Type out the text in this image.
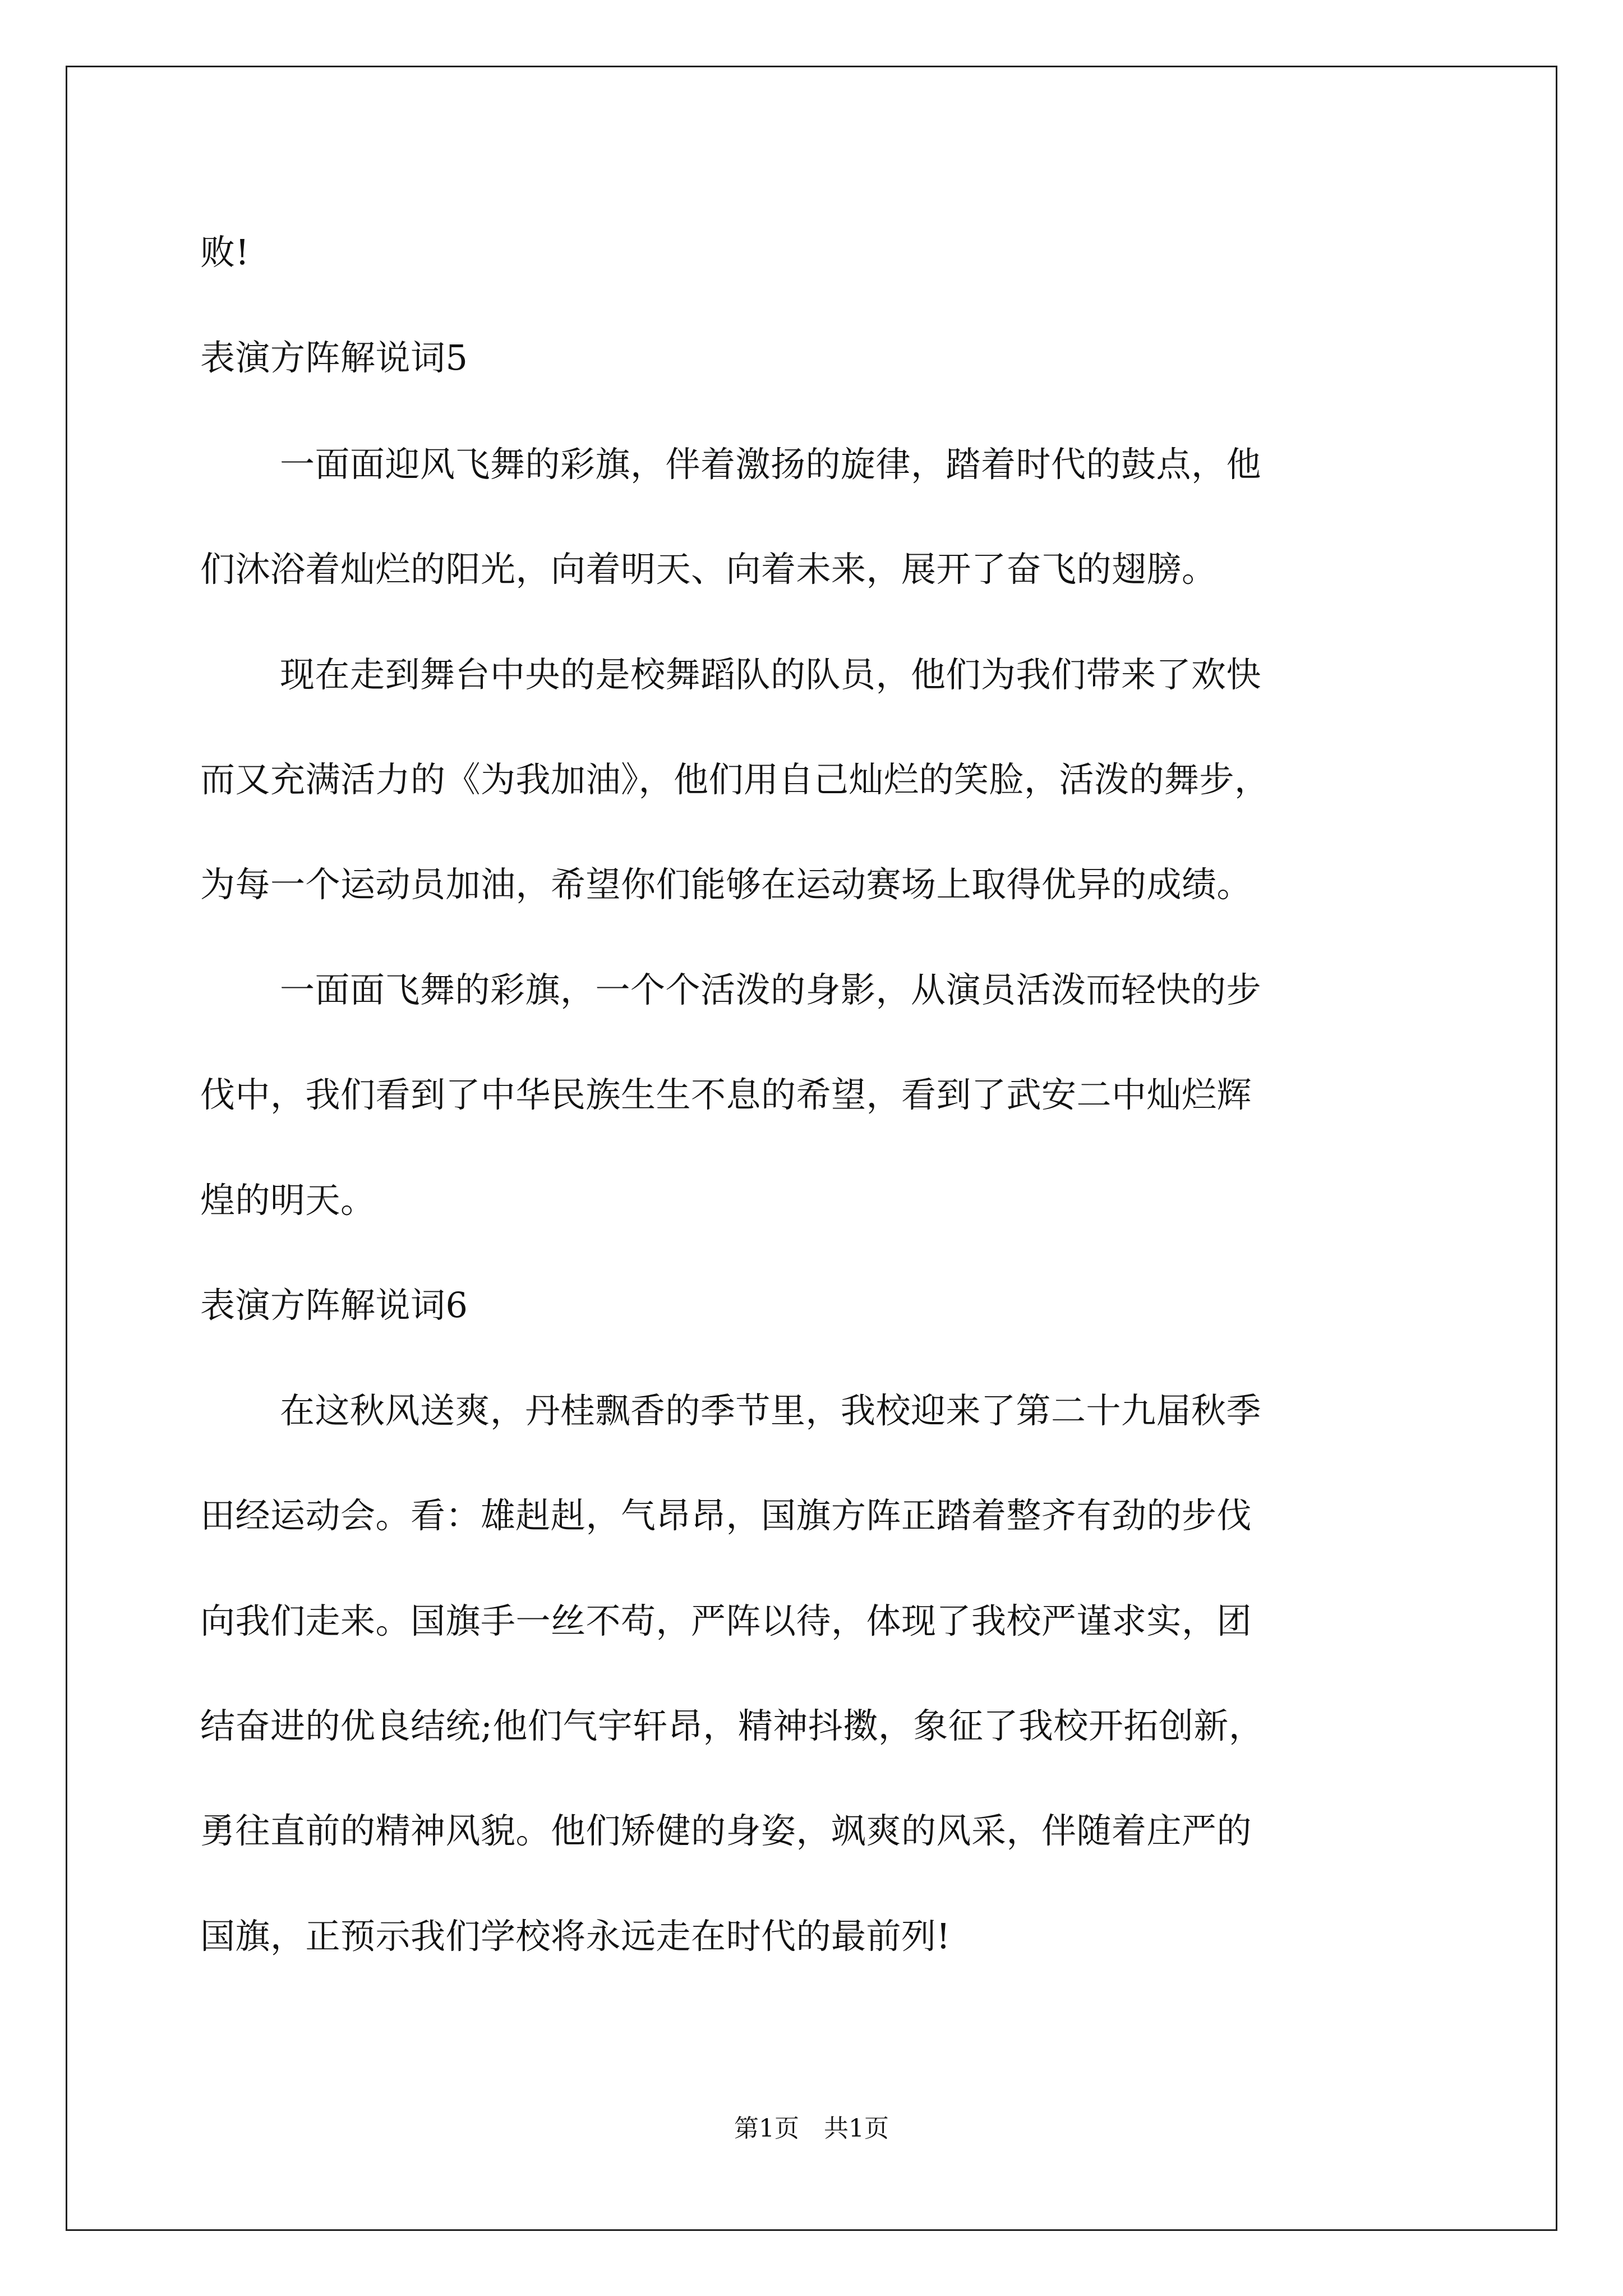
败!
表演方阵解说词5
一面面迎风飞舞的彩旗，伴着激扬的旋律，踏着时代的鼓点，他
们沐浴着灿烂的阳光，向着明天、向着未来，展开了奋飞的翅膀。
现在走到舞台中央的是校舞蹈队的队员，他们为我们带来了欢快
而又充满活力的《为我加油》，他们用自己灿烂的笑脸，活泼的舞步，
为每一个运动员加油，希望你们能够在运动赛场上取得优异的成绩。
一面面飞舞的彩旗，一个个活泼的身影，从演员活泼而轻快的步
伐中，我们看到了中华民族生生不息的希望，看到了武安二中灿烂辉
煌的明天。
表演方阵解说词6
在这秋风送爽，丹桂飘香的季节里，我校迎来了第二十九届秋季
田经运动会。看：雄赳赳，气昂昂，国旗方阵正踏着整齐有劲的步伐
向我们走来。国旗手一丝不苟，严阵以待，体现了我校严谨求实，团
结奋进的优良结统;他们气宇轩昂，精神抖擞，象征了我校开拓创新，
勇往直前的精神风貌。他们矫健的身姿，飒爽的风采，伴随着庄严的
国旗，正预示我们学校将永远走在时代的最前列!
第1页　共1页
